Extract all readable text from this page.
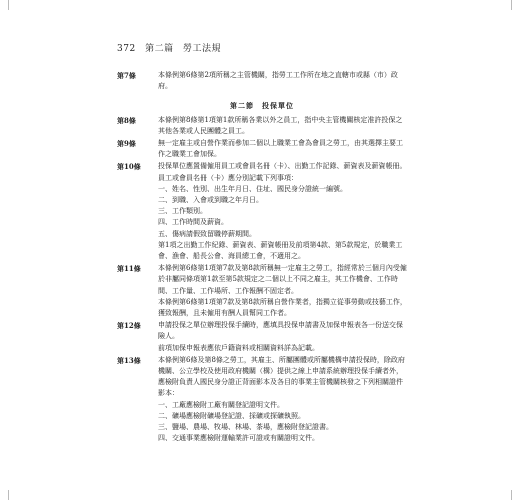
372 第二篇 勞工法規
第7條	本條例第6條第2項所稱之主管機關，指勞工工作所在地之直轄市或縣（市）政府。

第二節　投保單位
第8條	本條例第8條第1項第1款所稱各業以外之員工，指中央主管機關核定准許投保之其他各業或人民團體之員工。

第9條	無一定雇主或自營作業而參加二個以上職業工會為會員之勞工，由其選擇主要工作之職業工會加保。

第10條	投保單位應置備僱用員工或會員名冊（卡）、出勤工作記錄、薪資表及薪資帳冊。

員工或會員名冊（卡）應分別記載下列事項：

一、姓名、性別、出生年月日、住址、國民身分證統一編號。

二、到職、入會或到職之年月日。

三、工作類別。

四、工作時間及薪資。

五、傷病請假致留職停薪期間。

第1項之出勤工作紀錄、薪資表、薪資帳冊及前項第4款、第5款規定，於職業工會、漁會、船長公會、海員總工會，不適用之。

第11條	本條例第6條第1項第7款及第8款所稱無一定雇主之勞工，指經常於三個月內受僱於非屬同條項第1款至第5款規定之二個以上不同之雇主，其工作機會、工作時間、工作量、工作場所、工作報酬不固定者。

本條例第6條第1項第7款及第8款所稱自營作業者，指獨立從事勞動或技藝工作，獲致報酬，且未僱用有酬人員幫同工作者。

第12條	申請投保之單位辦理投保手續時，應填具投保申請書及加保申報表各一份送交保險人。

前項加保申報表應依戶籍資料或相關資料詳為記載。

第13條	本條例第6條及第8條之勞工，其雇主、所屬團體或所屬機構申請投保時，除政府機關、公立學校及使用政府機關（構）提供之線上申請系統辦理投保手續者外，應檢附負責人國民身分證正背面影本及各目的事業主管機關核發之下列相關證件影本：

一、工廠應檢附工廠有關登記證明文件。

二、礦場應檢附礦場登記證、採礦或探礦執照。

三、鹽場、農場、牧場、林場、茶場，應檢附登記證書。

四、交通事業應檢附運輸業許可證或有關證明文件。
